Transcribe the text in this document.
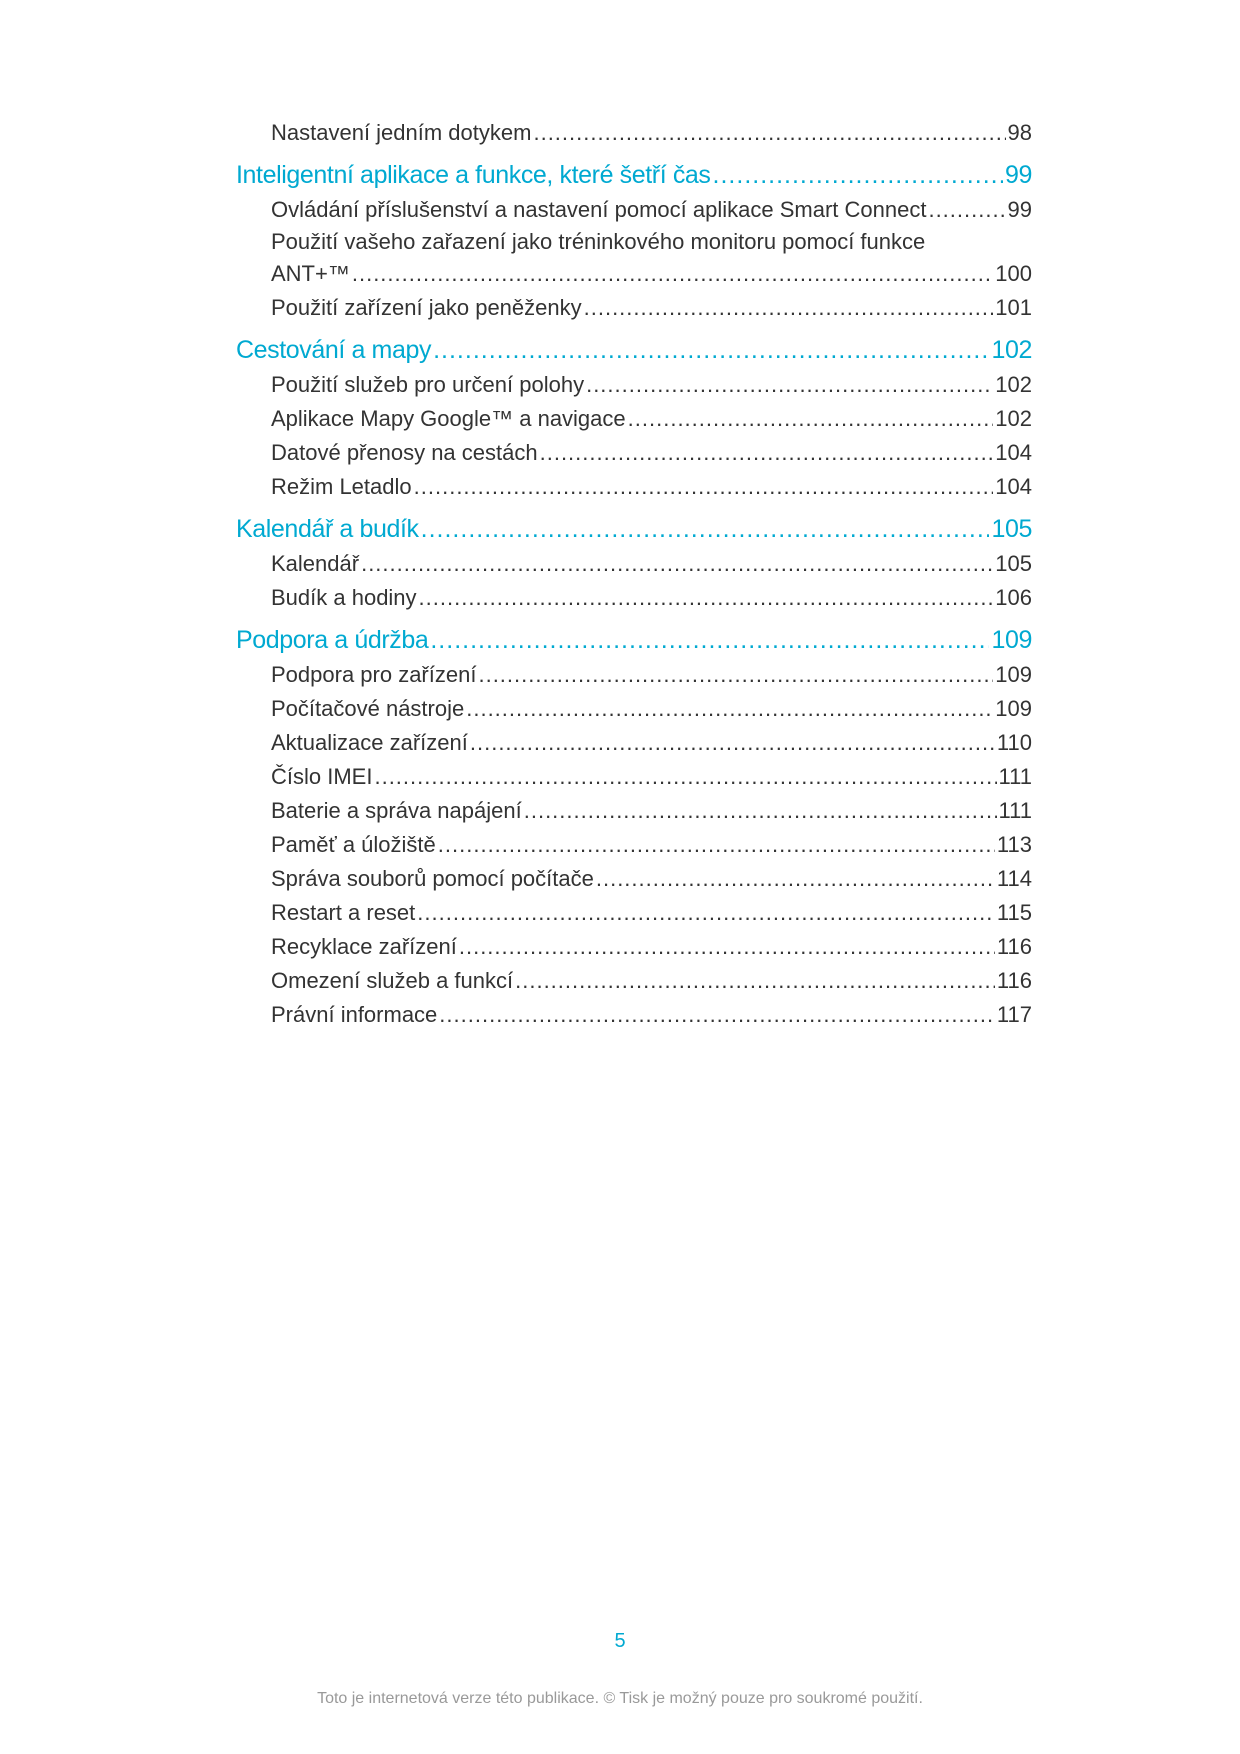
Nastavení jedním dotykem .....	98
Inteligentní aplikace a funkce, které šetří čas .....	99
Ovládání příslušenství a nastavení pomocí aplikace Smart Connect .....	99
Použití vašeho zařazení jako tréninkového monitoru pomocí funkce
ANT+™ .....	100
Použití zařízení jako peněženky .....	101
Cestování a mapy .....	102
Použití služeb pro určení polohy .....	102
Aplikace Mapy Google™ a navigace .....	102
Datové přenosy na cestách .....	104
Režim Letadlo .....	104
Kalendář a budík .....	105
Kalendář .....	105
Budík a hodiny .....	106
Podpora a údržba .....	109
Podpora pro zařízení .....	109
Počítačové nástroje .....	109
Aktualizace zařízení .....	110
Číslo IMEI .....	111
Baterie a správa napájení .....	111
Paměť a úložiště .....	113
Správa souborů pomocí počítače .....	114
Restart a reset .....	115
Recyklace zařízení .....	116
Omezení služeb a funkcí .....	116
Právní informace .....	117
5
Toto je internetová verze této publikace. © Tisk je možný pouze pro soukromé použití.
